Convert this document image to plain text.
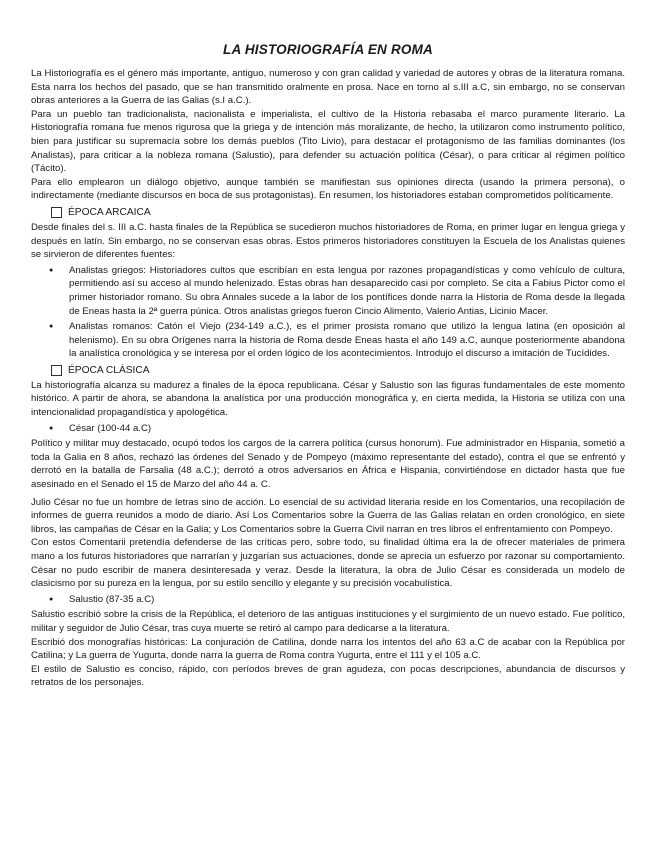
LA HISTORIOGRAFÍA EN ROMA

La Historiografía es el género más importante, antiguo, numeroso y con gran calidad y variedad de autores y obras de la literatura romana. Esta narra los hechos del pasado, que se han transmitido oralmente en prosa. Nace en torno al s.III a.C, sin embargo, no se conservan obras anteriores a la Guerra de las Galias (s.I a.C.).

Para un pueblo tan tradicionalista, nacionalista e imperialista, el cultivo de la Historia rebasaba el marco puramente literario. La Historiografía romana fue menos rigurosa que la griega y de intención más moralizante, de hecho, la utilizaron como instrumento político, bien para justificar su supremacía sobre los demás pueblos (Tito Livio), para destacar el protagonismo de las familias dominantes (los Analistas), para criticar a la nobleza romana (Salustio), para defender su actuación política (César), o para criticar al régimen político (Tácito).

Para ello emplearon un diálogo objetivo, aunque también se manifiestan sus opiniones directa (usando la primera persona), o indirectamente (mediante discursos en boca de sus protagonistas). En resumen, los historiadores estaban comprometidos políticamente.

ÉPOCA ARCAICA

Desde finales del s. III a.C. hasta finales de la República se sucedieron muchos historiadores de Roma, en primer lugar en lengua griega y después en latín. Sin embargo, no se conservan esas obras. Estos primeros historiadores constituyen la Escuela de los Analistas quienes se sirvieron de diferentes fuentes:

● Analistas griegos: Historiadores cultos que escribían en esta lengua por razones propagandísticas y como vehículo de cultura, permitiendo así su acceso al mundo helenizado. Estas obras han desaparecido casi por completo. Se cita a Fabius Pictor como el primer historiador romano. Su obra Annales sucede a la labor de los pontífices donde narra la Historia de Roma desde la llegada de Eneas hasta la 2ª guerra púnica. Otros analistas griegos fueron Cincio Alimento, Valerio Antias, Licinio Macer.
● Analistas romanos: Catón el Viejo (234-149 a.C.), es el primer prosista romano que utilizó la lengua latina (en oposición al helenismo). En su obra Orígenes narra la historia de Roma desde Eneas hasta el año 149 a.C, aunque posteriormente abandona la analística cronológica y se interesa por el orden lógico de los acontecimientos. Introdujo el discurso a imitación de Tucídides.
ÉPOCA CLÁSICA

La historiografía alcanza su madurez a finales de la época republicana. César y Salustio son las figuras fundamentales de este momento histórico. A partir de ahora, se abandona la analística por una producción monográfica y, en cierta medida, la Historia se utiliza con una intencionalidad propagandística y apologética.

● César (100-44 a.C)

Político y militar muy destacado, ocupó todos los cargos de la carrera política (cursus honorum). Fue administrador en Hispania, sometió a toda la Galia en 8 años, rechazó las órdenes del Senado y de Pompeyo (máximo representante del estado), contra el que se enfrentó y derrotó en la batalla de Farsalia (48 a.C.); derrotó a otros adversarios en África e Hispania, convirtiéndose en dictador hasta que fue asesinado en el Senado el 15 de Marzo del año 44 a. C.

Julio César no fue un hombre de letras sino de acción. Lo esencial de su actividad literaria reside en los Comentarios, una recopilación de informes de guerra reunidos a modo de diario. Así Los Comentarios sobre la Guerra de las Galias relatan en orden cronológico, en siete libros, las campañas de César en la Galia; y Los Comentarios sobre la Guerra Civil narran en tres libros el enfrentamiento con Pompeyo.

Con estos Comentarii pretendía defenderse de las críticas pero, sobre todo, su finalidad última era la de ofrecer materiales de primera mano a los futuros historiadores que narrarían y juzgarían sus actuaciones, donde se aprecia un esfuerzo por razonar su comportamiento. César no pudo escribir de manera desinteresada y veraz. Desde la literatura, la obra de Julio César es considerada un modelo de clasicismo por su pureza en la lengua, por su estilo sencillo y elegante y su precisión vocabulística.

● Salustio (87-35 a.C)

Salustio escribió sobre la crisis de la República, el deterioro de las antiguas instituciones y el surgimiento de un nuevo estado. Fue político, militar y seguidor de Julio César, tras cuya muerte se retiró al campo para dedicarse a la literatura.

Escribió dos monografías históricas: La conjuración de Catilina, donde narra los intentos del año 63 a.C de acabar con la República por Catilina; y La guerra de Yugurta, donde narra la guerra de Roma contra Yugurta, entre el 111 y el 105 a.C.

El estilo de Salustio es conciso, rápido, con períodos breves de gran agudeza, con pocas descripciones, abundancia de discursos y retratos de los personajes.
